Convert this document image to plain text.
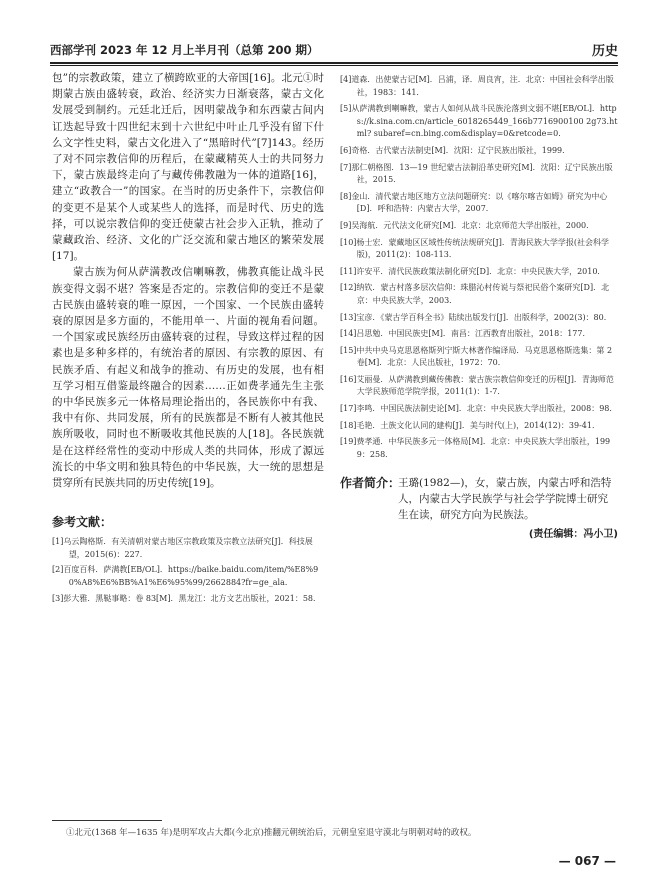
西部学刊 2023 年 12 月上半月刊（总第 200 期）	历史

包”的宗教政策，建立了横跨欧亚的大帝国[16]。北元①时期蒙古族由盛转衰，政治、经济实力日渐衰落，蒙古文化发展受到制约。元廷北迁后，因明蒙战争和东西蒙古间内讧迭起导致十四世纪末到十六世纪中叶止几乎没有留下什么文字性史料，蒙古文化进入了“黑暗时代”[7]143。经历了对不同宗教信仰的历程后，在蒙藏精英人士的共同努力下，蒙古族最终走向了与藏传佛教融为一体的道路[16]，建立“政教合一”的国家。在当时的历史条件下，宗教信仰的变更不是某个人或某些人的选择，而是时代、历史的选择，可以说宗教信仰的变迁使蒙古社会步入正轨，推动了蒙藏政治、经济、文化的广泛交流和蒙古地区的繁荣发展[17]。

蒙古族为何从萨满教改信喇嘛教，佛教真能让战斗民族变得文弱不堪？答案是否定的。宗教信仰的变迁不是蒙古民族由盛转衰的唯一原因，一个国家、一个民族由盛转衰的原因是多方面的，不能用单一、片面的视角看问题。一个国家或民族经历由盛转衰的过程，导致这样过程的因素也是多种多样的，有统治者的原因、有宗教的原因、有民族矛盾、有起义和战争的推动、有历史的发展，也有相互学习相互借鉴最终融合的因素……正如费孝通先生主张的中华民族多元一体格局理论指出的，各民族你中有我、我中有你、共同发展，所有的民族都是不断有人被其他民族所吸收，同时也不断吸收其他民族的人[18]。各民族就是在这样经常性的变动中形成人类的共同体，形成了源远流长的中华文明和独具特色的中华民族，大一统的思想是贯穿所有民族共同的历史传统[19]。

参考文献：
[1]乌云陶格斯．有关清朝对蒙古地区宗教政策及宗教立法研究[J]．科技展望，2015(6)：227．
[2]百度百科．萨满教[EB/OL]．https://baike.baidu.com/item/%E8%90%A8%E6%BB%A1%E6%95%99/2662884?fr=ge_ala．
[3]彭大雅．黑鞑事略：卷 83[M]．黑龙江：北方文艺出版社，2021：58．
[4]道森．出使蒙古记[M]．吕浦，译．周良宵，注．北京：中国社会科学出版社，1983：141．
[5]从萨满教到喇嘛教，蒙古人如何从战斗民族沦落到文弱不堪[EB/OL]．https://k.sina.com.cn/article_6018265449_166b7716900100 2g73.html? subaref=cn.bing.com&display=0&retcode=0．
[6]奇格．古代蒙古法制史[M]．沈阳：辽宁民族出版社，1999．
[7]那仁朝格图．13—19 世纪蒙古法制沿革史研究[M]．沈阳：辽宁民族出版社，2015．
[8]金山．清代蒙古地区地方立法问题研究：以《喀尔喀吉如姆》研究为中心[D]．呼和浩特：内蒙古大学，2007．
[9]吴海航．元代法文化研究[M]．北京：北京师范大学出版社，2000．
[10]杨士宏．蒙藏地区区域性传统法规研究[J]．青海民族大学学报(社会科学版)，2011(2)：108-113．
[11]许安平．清代民族政策法制化研究[D]．北京：中央民族大学，2010．
[12]纳钦．蒙古村落多层次信仰：珠腊沁村传说与祭祀民俗个案研究[D]．北京：中央民族大学，2003．
[13]宝彦．《蒙古学百科全书》陆续出版发行[J]．出版科学，2002(3)：80．
[14]吕思勉．中国民族史[M]．南昌：江西教育出版社，2018：177．
[15]中共中央马克思恩格斯列宁斯大林著作编译局．马克思恩格斯选集：第 2 卷[M]．北京：人民出版社，1972：70．
[16]艾丽曼．从萨满教到藏传佛教：蒙古族宗教信仰变迁的历程[J]．青海师范大学民族师范学院学报，2011(1)：1-7．
[17]李鸣．中国民族法制史论[M]．北京：中央民族大学出版社，2008：98．
[18]毛艳．土族文化认同的建构[J]．美与时代(上)，2014(12)：39-41．
[19]费孝通．中华民族多元一体格局[M]．北京：中央民族大学出版社，1999：258．
作者简介：
王璐(1982—)，女，蒙古族，内蒙古呼和浩特人，内蒙古大学民族学与社会学学院博士研究生在读，研究方向为民族法。
(责任编辑：冯小卫)
①北元(1368 年—1635 年)是明军攻占大都(今北京)推翻元朝统治后，元朝皇室退守漠北与明朝对峙的政权。
— 067 —
